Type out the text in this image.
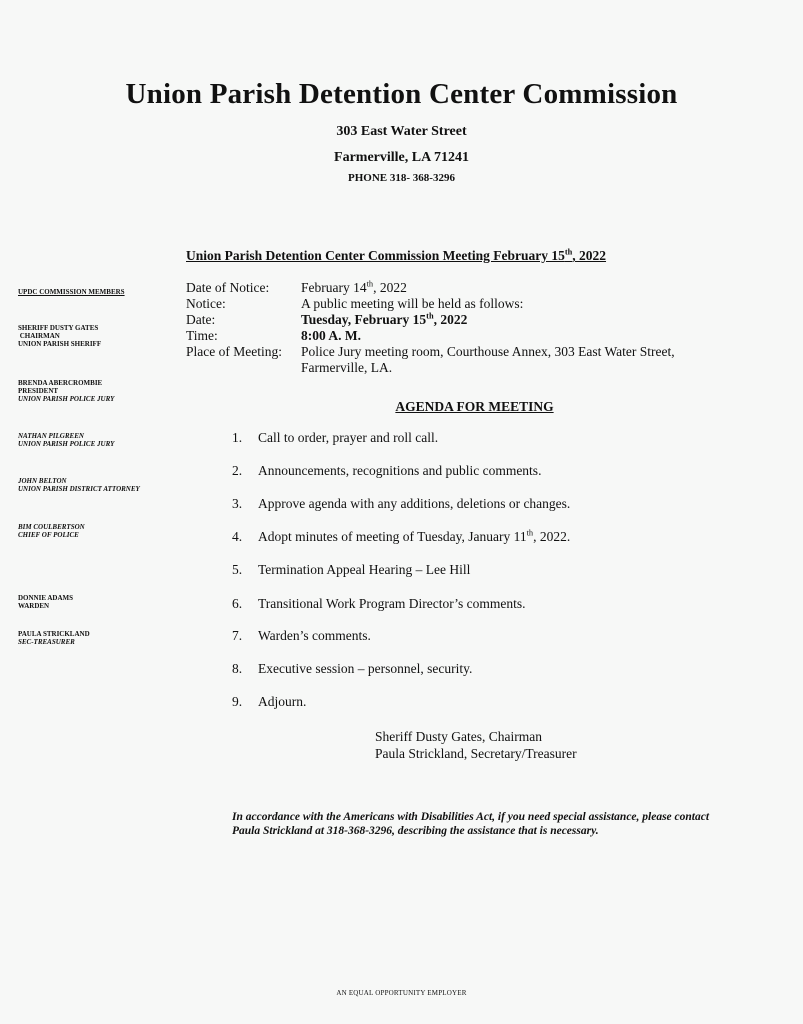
Union Parish Detention Center Commission
303 East Water Street
Farmerville, LA 71241
PHONE 318- 368-3296
Union Parish Detention Center Commission Meeting February 15th, 2022
UPDC COMMISSION MEMBERS
SHERIFF DUSTY GATES
CHAIRMAN
UNION PARISH SHERIFF
BRENDA ABERCROMBIE
PRESIDENT
UNION PARISH POLICE JURY
NATHAN PILGREEN
UNION PARISH POLICE JURY
JOHN BELTON
UNION PARISH DISTRICT ATTORNEY
BIM COULBERTSON
CHIEF OF POLICE
DONNIE ADAMS
WARDEN
PAULA STRICKLAND
SEC-TREASURER
Date of Notice: February 14th, 2022
Notice:	A public meeting will be held as follows:
Date:	Tuesday, February 15th, 2022
Time:	8:00 A. M.
Place of Meeting: Police Jury meeting room, Courthouse Annex, 303 East Water Street, Farmerville, LA.
AGENDA FOR MEETING
1. Call to order, prayer and roll call.
2. Announcements, recognitions and public comments.
3. Approve agenda with any additions, deletions or changes.
4. Adopt minutes of meeting of Tuesday, January 11th, 2022.
5. Termination Appeal Hearing – Lee Hill
6. Transitional Work Program Director’s comments.
7. Warden’s comments.
8. Executive session – personnel, security.
9. Adjourn.
Sheriff Dusty Gates, Chairman
Paula Strickland, Secretary/Treasurer
In accordance with the Americans with Disabilities Act, if you need special assistance, please contact Paula Strickland at 318-368-3296, describing the assistance that is necessary.
AN EQUAL OPPORTUNITY EMPLOYER
